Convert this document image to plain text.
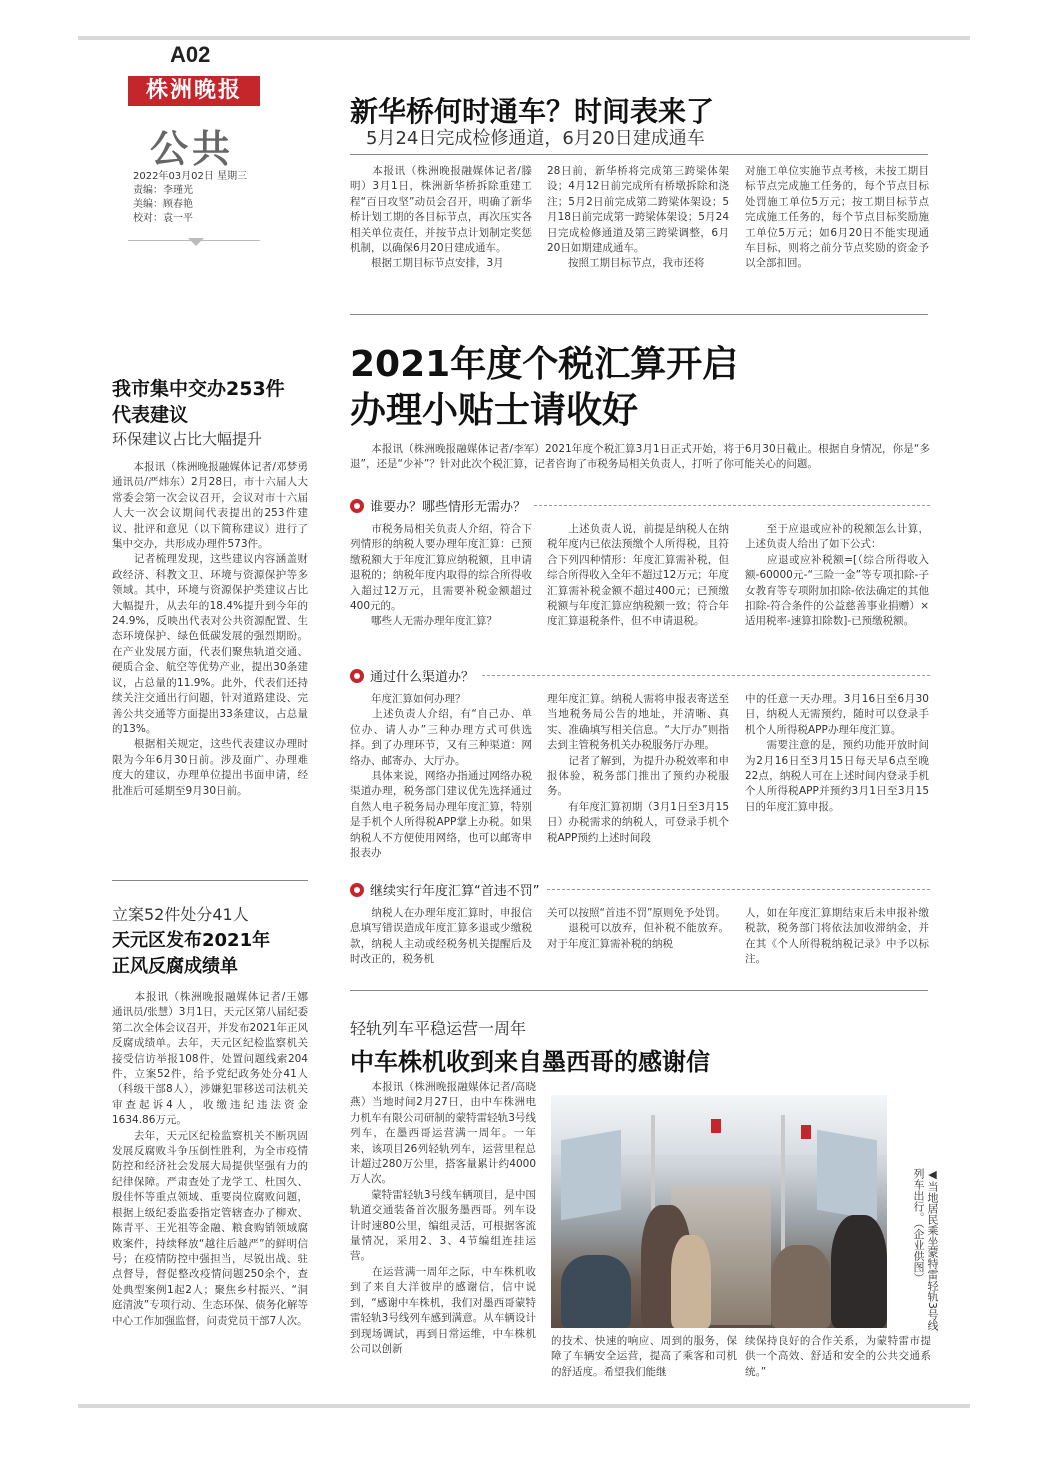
A02
株洲晚报
公共
2022年03月02日 星期三
责编：李瑾光
美编：顾春艳
校对：袁一平
新华桥何时通车？时间表来了
5月24日完成检修通道，6月20日建成通车
　　本报讯（株洲晚报融媒体记者/滕明）3月1日，株洲新华桥拆除重建工程“百日攻坚”动员会召开，明确了新华桥计划工期的各目标节点，再次压实各相关单位责任，并按节点计划制定奖惩机制，以确保6月20日建成通车。
　　根据工期目标节点安排，3月
28日前，新华桥将完成第三跨梁体架设；4月12日前完成所有桥墩拆除和浇注；5月2日前完成第二跨梁体架设；5月18日前完成第一跨梁体架设；5月24日完成检修通道及第三跨梁调整，6月20日如期建成通车。
　　按照工期目标节点，我市还将
对施工单位实施节点考核，未按工期目标节点完成施工任务的，每个节点目标处罚施工单位5万元；按工期目标节点完成施工任务的，每个节点目标奖励施工单位5万元；如6月20日不能实现通车目标，则将之前分节点奖励的资金予以全部扣回。
2021年度个税汇算开启
办理小贴士请收好
　　本报讯（株洲晚报融媒体记者/李军）2021年度个税汇算3月1日正式开始，将于6月30日截止。根据自身情况，你是“多退”，还是“少补”？针对此次个税汇算，记者咨询了市税务局相关负责人，打听了你可能关心的问题。
谁要办？哪些情形无需办？
　　市税务局相关负责人介绍，符合下列情形的纳税人要办理年度汇算：已预缴税额大于年度汇算应纳税额，且申请退税的；纳税年度内取得的综合所得收入超过12万元，且需要补税金额超过400元的。
　　哪些人无需办理年度汇算？
　　上述负责人说，前提是纳税人在纳税年度内已依法预缴个人所得税，且符合下列四种情形：年度汇算需补税，但综合所得收入全年不超过12万元；年度汇算需补税金额不超过400元；已预缴税额与年度汇算应纳税额一致；符合年度汇算退税条件，但不申请退税。
　　至于应退或应补的税额怎么计算，上述负责人给出了如下公式：
　　应退或应补税额=[（综合所得收入额-60000元-“三险一金”等专项扣除-子女教育等专项附加扣除-依法确定的其他扣除-符合条件的公益慈善事业捐赠）×适用税率-速算扣除数]-已预缴税额。
通过什么渠道办？
　　年度汇算如何办理？
　　上述负责人介绍，有“自己办、单位办、请人办”三种办理方式可供选择。到了办理环节，又有三种渠道：网络办、邮寄办、大厅办。
　　具体来说，网络办指通过网络办税渠道办理，税务部门建议优先选择通过自然人电子税务局办理年度汇算，特别是手机个人所得税APP掌上办税。如果纳税人不方便使用网络，也可以邮寄申报表办
理年度汇算。纳税人需将申报表寄送至当地税务局公告的地址，并清晰、真实、准确填写相关信息。“大厅办”则指去到主管税务机关办税服务厅办理。
　　记者了解到，为提升办税效率和申报体验，税务部门推出了预约办税服务。
　　有年度汇算初期（3月1日至3月15日）办税需求的纳税人，可登录手机个税APP预约上述时间段
中的任意一天办理。3月16日至6月30日，纳税人无需预约，随时可以登录手机个人所得税APP办理年度汇算。
　　需要注意的是，预约功能开放时间为2月16日至3月15日每天早6点至晚22点，纳税人可在上述时间内登录手机个人所得税APP并预约3月1日至3月15日的年度汇算申报。
继续实行年度汇算“首违不罚”
　　纳税人在办理年度汇算时，申报信息填写错误造成年度汇算多退或少缴税款，纳税人主动或经税务机关提醒后及时改正的，税务机
关可以按照“首违不罚”原则免予处罚。
　　退税可以放弃，但补税不能放弃。对于年度汇算需补税的纳税
人，如在年度汇算期结束后未申报补缴税款，税务部门将依法加收滞纳金，并在其《个人所得税纳税记录》中予以标注。
我市集中交办253件
代表建议
环保建议占比大幅提升
　　本报讯（株洲晚报融媒体记者/邓梦勇　通讯员/严炜东）2月28日，市十六届人大常委会第一次会议召开，会议对市十六届人大一次会议期间代表提出的253件建议、批评和意见（以下简称建议）进行了集中交办，共形成办理件573件。
　　记者梳理发现，这些建议内容涵盖财政经济、科教文卫、环境与资源保护等多领域。其中，环境与资源保护类建议占比大幅提升，从去年的18.4%提升到今年的24.9%，反映出代表对公共资源配置、生态环境保护、绿色低碳发展的强烈期盼。在产业发展方面，代表们聚焦轨道交通、硬质合金、航空等优势产业，提出30条建议，占总量的11.9%。此外，代表们还持续关注交通出行问题，针对道路建设、完善公共交通等方面提出33条建议，占总量的13%。
　　根据相关规定，这些代表建议办理时限为今年6月30日前。涉及面广、办理难度大的建议，办理单位提出书面申请，经批准后可延期至9月30日前。
立案52件处分41人
天元区发布2021年
正风反腐成绩单
　　本报讯（株洲晚报融媒体记者/王娜　通讯员/张慧）3月1日，天元区第八届纪委第二次全体会议召开，并发布2021年正风反腐成绩单。去年，天元区纪检监察机关接受信访举报108件，处置问题线索204件，立案52件，给予党纪政务处分41人（科级干部8人），涉嫌犯罪移送司法机关审查起诉4人，收缴违纪违法资金1634.86万元。
　　去年，天元区纪检监察机关不断巩固发展反腐败斗争压倒性胜利，为全市疫情防控和经济社会发展大局提供坚强有力的纪律保障。严肃查处了龙学工、杜国久、殷佳怀等重点领域、重要岗位腐败问题，根据上级纪委监委指定管辖查办了柳欢、陈青平、王光祖等金融、粮食购销领域腐败案件，持续释放“越往后越严”的鲜明信号；在疫情防控中强担当，尽锐出战、驻点督导，督促整改疫情问题250余个，查处典型案例1起2人；聚焦乡村振兴、“洞庭清波”专项行动、生态环保、债务化解等中心工作加强监督，问责党员干部7人次。
轻轨列车平稳运营一周年
中车株机收到来自墨西哥的感谢信
　　本报讯（株洲晚报融媒体记者/高晓燕）当地时间2月27日，由中车株洲电力机车有限公司研制的蒙特雷轻轨3号线列车，在墨西哥运营满一周年。一年来，该项目26列轻轨列车，运营里程总计超过280万公里，搭客量累计约4000万人次。
　　蒙特雷轻轨3号线车辆项目，是中国轨道交通装备首次服务墨西哥。列车设计时速80公里，编组灵活，可根据客流量情况，采用2、3、4节编组连挂运营。
　　在运营满一周年之际，中车株机收到了来自大洋彼岸的感谢信，信中说到，“感谢中车株机，我们对墨西哥蒙特雷轻轨3号线列车感到满意。从车辆设计到现场调试，再到日常运维，中车株机公司以创新
◀当地居民乘坐蒙特雷轻轨3号线列车出行。（企业供图）
的技术、快速的响应、周到的服务，保障了车辆安全运营，提高了乘客和司机的舒适度。希望我们能继
续保持良好的合作关系，为蒙特雷市提供一个高效、舒适和安全的公共交通系统。”
